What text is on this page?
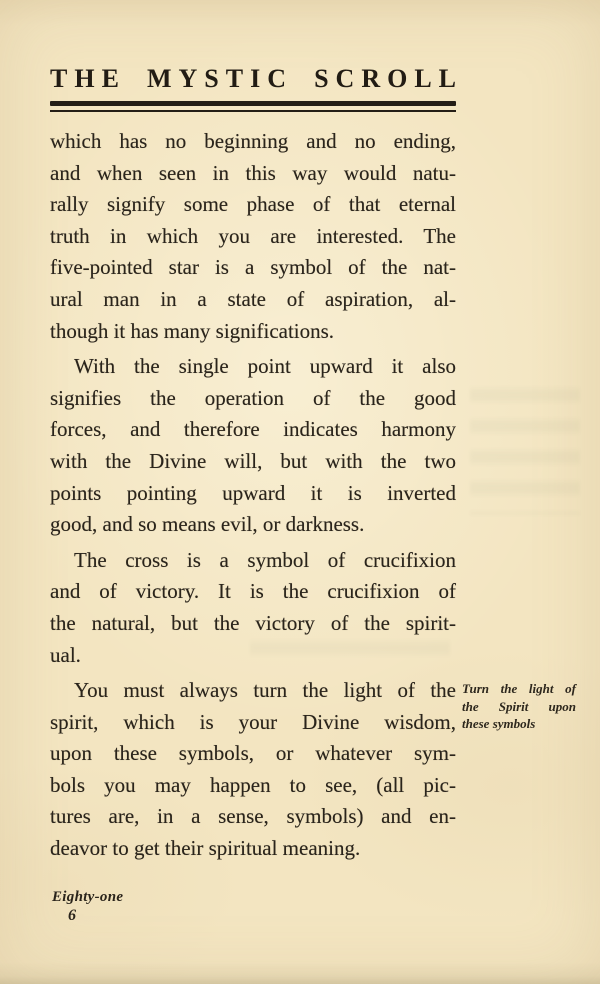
THE MYSTIC SCROLL
which has no beginning and no ending,
and when seen in this way would natu-
rally signify some phase of that eternal
truth in which you are interested. The
five-pointed star is a symbol of the nat-
ural man in a state of aspiration, al-
though it has many significations.
With the single point upward it also
signifies the operation of the good
forces, and therefore indicates harmony
with the Divine will, but with the two
points pointing upward it is inverted
good, and so means evil, or darkness.
The cross is a symbol of crucifixion
and of victory. It is the crucifixion of
the natural, but the victory of the spirit-
ual.
You must always turn the light of the
spirit, which is your Divine wisdom,
upon these symbols, or whatever sym-
bols you may happen to see, (all pic-
tures are, in a sense, symbols) and en-
deavor to get their spiritual meaning.
Turn the light of
the Spirit upon
these symbols
Eighty-one
6
